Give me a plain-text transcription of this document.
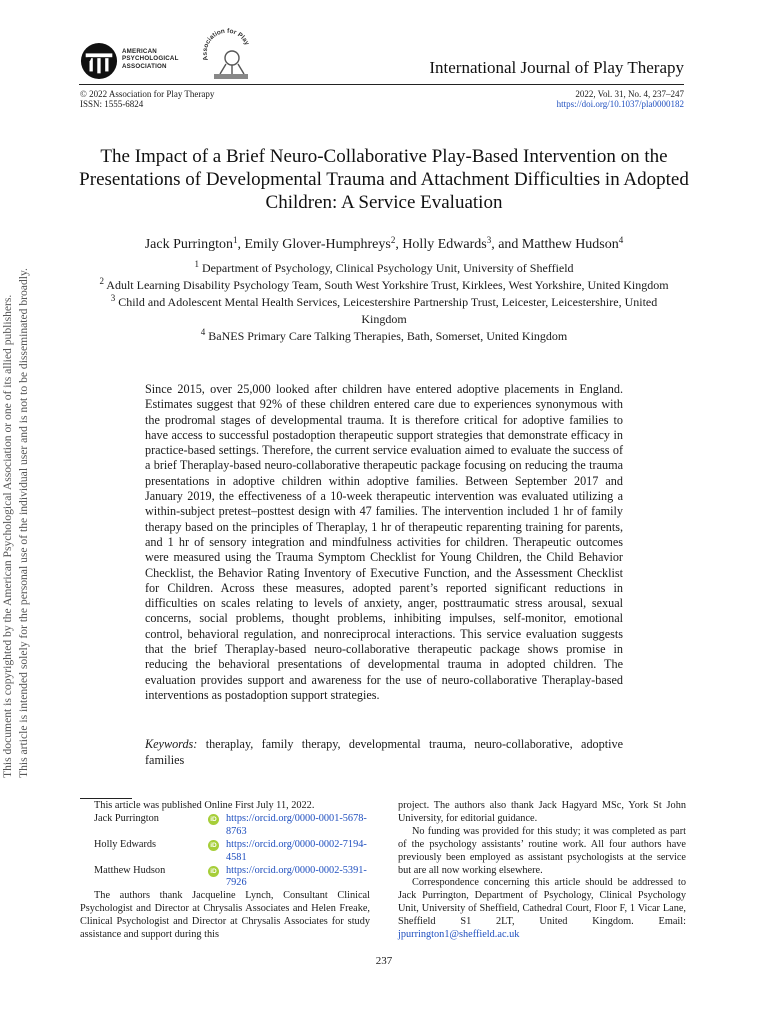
AMERICAN
PSYCHOLOGICAL
ASSOCIATION
Association for Play
International Journal of Play Therapy
© 2022 Association for Play Therapy
ISSN: 1555-6824
2022, Vol. 31, No. 4, 237–247
https://doi.org/10.1037/pla0000182
This document is copyrighted by the American Psychological Association or one of its allied publishers. This article is intended solely for the personal use of the individual user and is not to be disseminated broadly.
The Impact of a Brief Neuro-Collaborative Play-Based Intervention on the Presentations of Developmental Trauma and Attachment Difficulties in Adopted Children: A Service Evaluation
Jack Purrington$^1$, Emily Glover-Humphreys$^2$, Holly Edwards$^3$, and Matthew Hudson$^4$

$^1$ Department of Psychology, Clinical Psychology Unit, University of Sheffield

$^2$ Adult Learning Disability Psychology Team, South West Yorkshire Trust, Kirklees, West Yorkshire, United Kingdom

$^3$ Child and Adolescent Mental Health Services, Leicestershire Partnership Trust, Leicester, Leicestershire, United Kingdom

$^4$ BaNES Primary Care Talking Therapies, Bath, Somerset, United Kingdom

Since 2015, over 25,000 looked after children have entered adoptive placements in England. Estimates suggest that 92% of these children entered care due to experiences synonymous with the prodromal stages of developmental trauma. It is therefore critical for adoptive families to have access to successful postadoption therapeutic support strategies that demonstrate efficacy in practice-based settings. Therefore, the current service evaluation aimed to evaluate the success of a brief Theraplay-based neuro-collaborative therapeutic package focusing on reducing the trauma presentations in adoptive children within adoptive families. Between September 2017 and January 2019, the effectiveness of a 10-week therapeutic intervention was evaluated utilizing a within-subject pretest–posttest design with 47 families. The intervention included 1 hr of family therapy based on the principles of Theraplay, 1 hr of therapeutic reparenting training for parents, and 1 hr of sensory integration and mindfulness activities for children. Therapeutic outcomes were measured using the Trauma Symptom Checklist for Young Children, the Child Behavior Checklist, the Behavior Rating Inventory of Executive Function, and the Assessment Checklist for Children. Across these measures, adopted parent’s reported significant reductions in difficulties on scales relating to levels of anxiety, anger, posttraumatic stress arousal, sexual concerns, social problems, thought problems, inhibiting impulses, self-monitor, emotional control, behavioral regulation, and nonreciprocal interactions. This service evaluation suggests that the brief Theraplay-based neuro-collaborative therapeutic package shows promise in reducing the behavioral presentations of developmental trauma in adopted children. The evaluation provides support and awareness for the use of neuro-collaborative Theraplay-based interventions as postadoption support strategies.

Keywords: theraplay, family therapy, developmental trauma, neuro-collaborative, adoptive families

This article was published Online First July 11, 2022.

Jack Purrington	iD https://orcid.org/0000-0001-5678-8763
Holly Edwards	iD https://orcid.org/0000-0002-7194-4581
Matthew Hudson	iD https://orcid.org/0000-0002-5391-7926

The authors thank Jacqueline Lynch, Consultant Clinical Psychologist and Director at Chrysalis Associates and Helen Freake, Clinical Psychologist and Director at Chrysalis Associates for study assistance and support during this

project. The authors also thank Jack Hagyard MSc, York St John University, for editorial guidance.

No funding was provided for this study; it was completed as part of the psychology assistants’ routine work. All four authors have previously been employed as assistant psychologists at the service but are all now working elsewhere.

Correspondence concerning this article should be addressed to Jack Purrington, Department of Psychology, Clinical Psychology Unit, University of Sheffield, Cathedral Court, Floor F, 1 Vicar Lane, Sheffield S1 2LT, United Kingdom. Email: jpurrington1@sheffield.ac.uk

237
